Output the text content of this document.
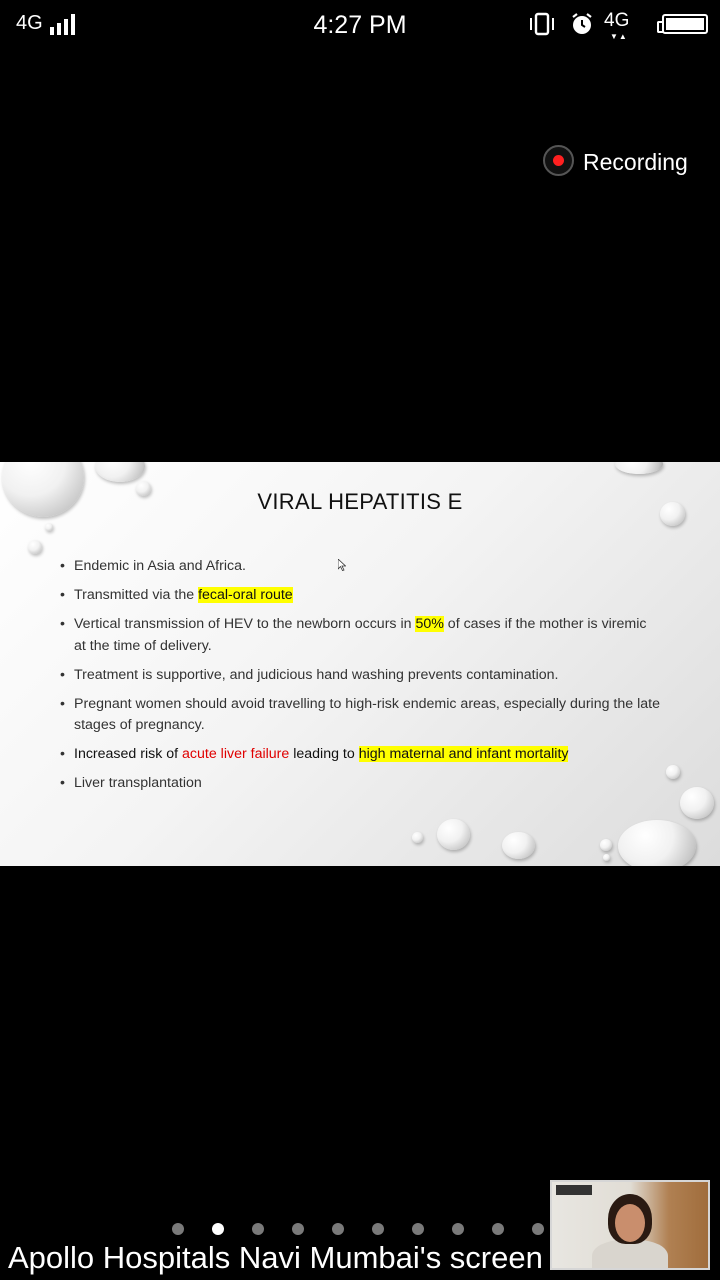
4G	4:27 PM	4G
▼▲
Recording
VIRAL HEPATITIS E
• Endemic in Asia and Africa.
• Transmitted via the fecal-oral route
• Vertical transmission of HEV to the newborn occurs in 50% of cases if the mother is viremic at the time of delivery.
• Treatment is supportive, and judicious hand washing prevents contamination.
• Pregnant women should avoid travelling to high-risk endemic areas, especially during the late stages of pregnancy.
• Increased risk of acute liver failure leading to high maternal and infant mortality
• Liver transplantation
Apollo Hospitals Navi Mumbai's screen
